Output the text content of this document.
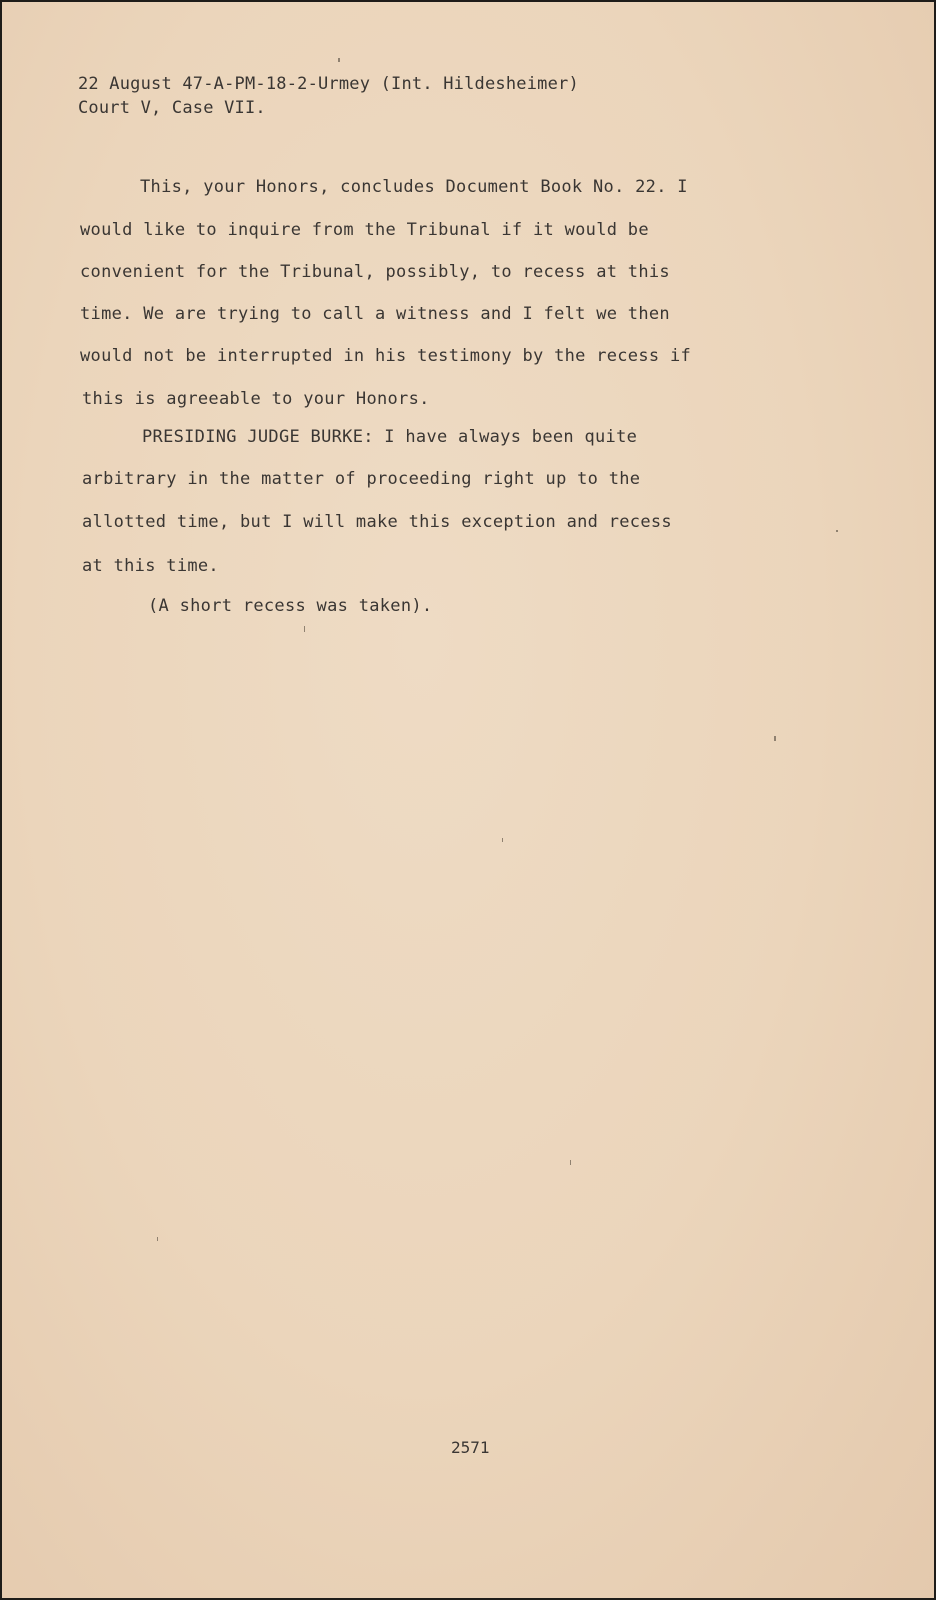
22 August 47-A-PM-18-2-Urmey (Int. Hildesheimer)
Court V, Case VII.
This, your Honors, concludes Document Book No. 22. I
would like to inquire from the Tribunal if it would be
convenient for the Tribunal, possibly, to recess at this
time. We are trying to call a witness and I felt we then
would not be interrupted in his testimony by the recess if
this is agreeable to your Honors.
PRESIDING JUDGE BURKE: I have always been quite
arbitrary in the matter of proceeding right up to the
allotted time, but I will make this exception and recess
at this time.
(A short recess was taken).
2571
